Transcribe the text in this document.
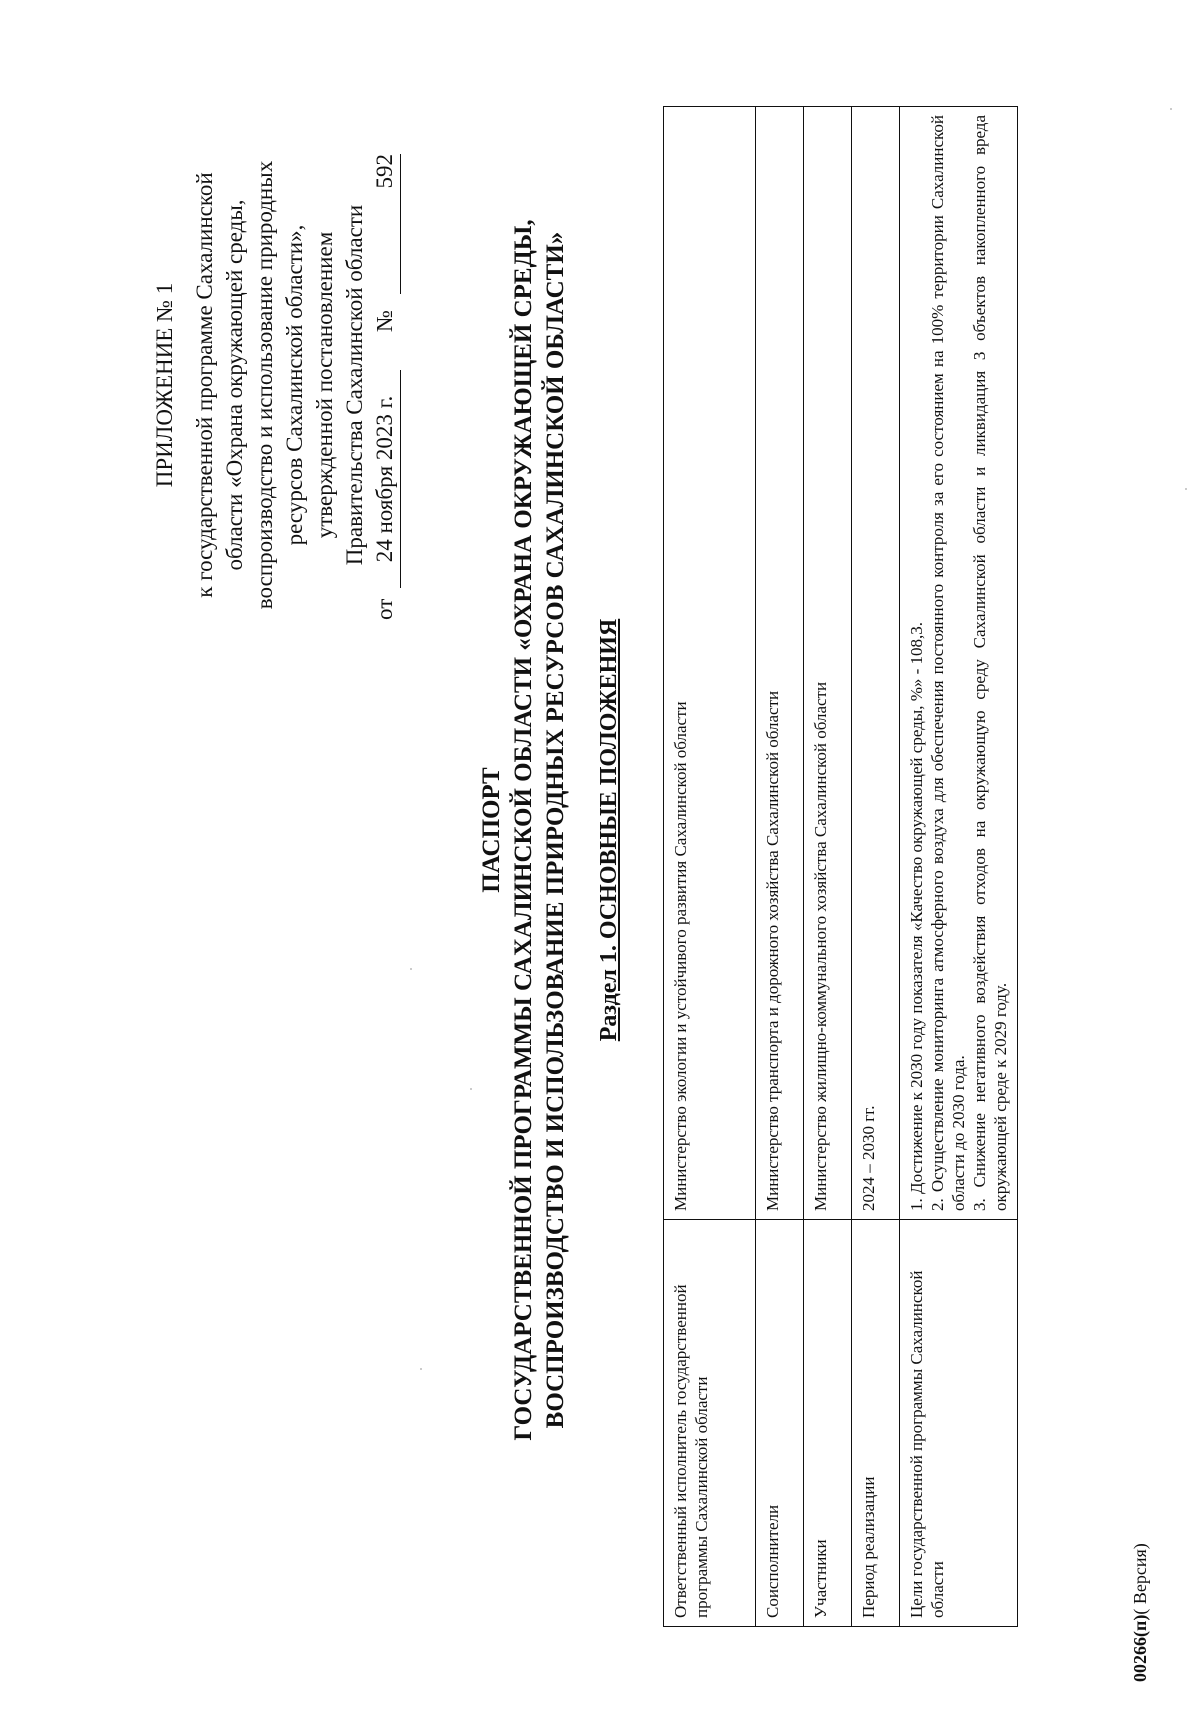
ПРИЛОЖЕНИЕ № 1 к государственной программе Сахалинской области «Охрана окружающей среды, воспроизводство и использование природных ресурсов Сахалинской области», утвержденной постановлением Правительства Сахалинской области
от
24 ноября 2023 г.
№
592
ПАСПОРТ ГОСУДАРСТВЕННОЙ ПРОГРАММЫ САХАЛИНСКОЙ ОБЛАСТИ «ОХРАНА ОКРУЖАЮЩЕЙ СРЕДЫ, ВОСПРОИЗВОДСТВО И ИСПОЛЬЗОВАНИЕ ПРИРОДНЫХ РЕСУРСОВ САХАЛИНСКОЙ ОБЛАСТИ» Раздел 1. ОСНОВНЫЕ ПОЛОЖЕНИЯ
Ответственный исполнитель государственной программы Сахалинской области	Министерство экологии и устойчивого развития Сахалинской области
Соисполнители	Министерство транспорта и дорожного хозяйства Сахалинской области
Участники	Министерство жилищно-коммунального хозяйства Сахалинской области
Период реализации	2024 – 2030 гг.
Цели государственной программы Сахалинской области	1. Достижение к 2030 году показателя «Качество окружающей среды, %» - 108,3. 2. Осуществление мониторинга атмосферного воздуха для обеспечения постоянного контроля за его состоянием на 100% территории Сахалинской области до 2030 года. 3. Снижение негативного воздействия отходов на окружающую среду Сахалинской области и ликвидация 3 объектов накопленного вреда окружающей среде к 2029 году.
00266(п)( Версия)
